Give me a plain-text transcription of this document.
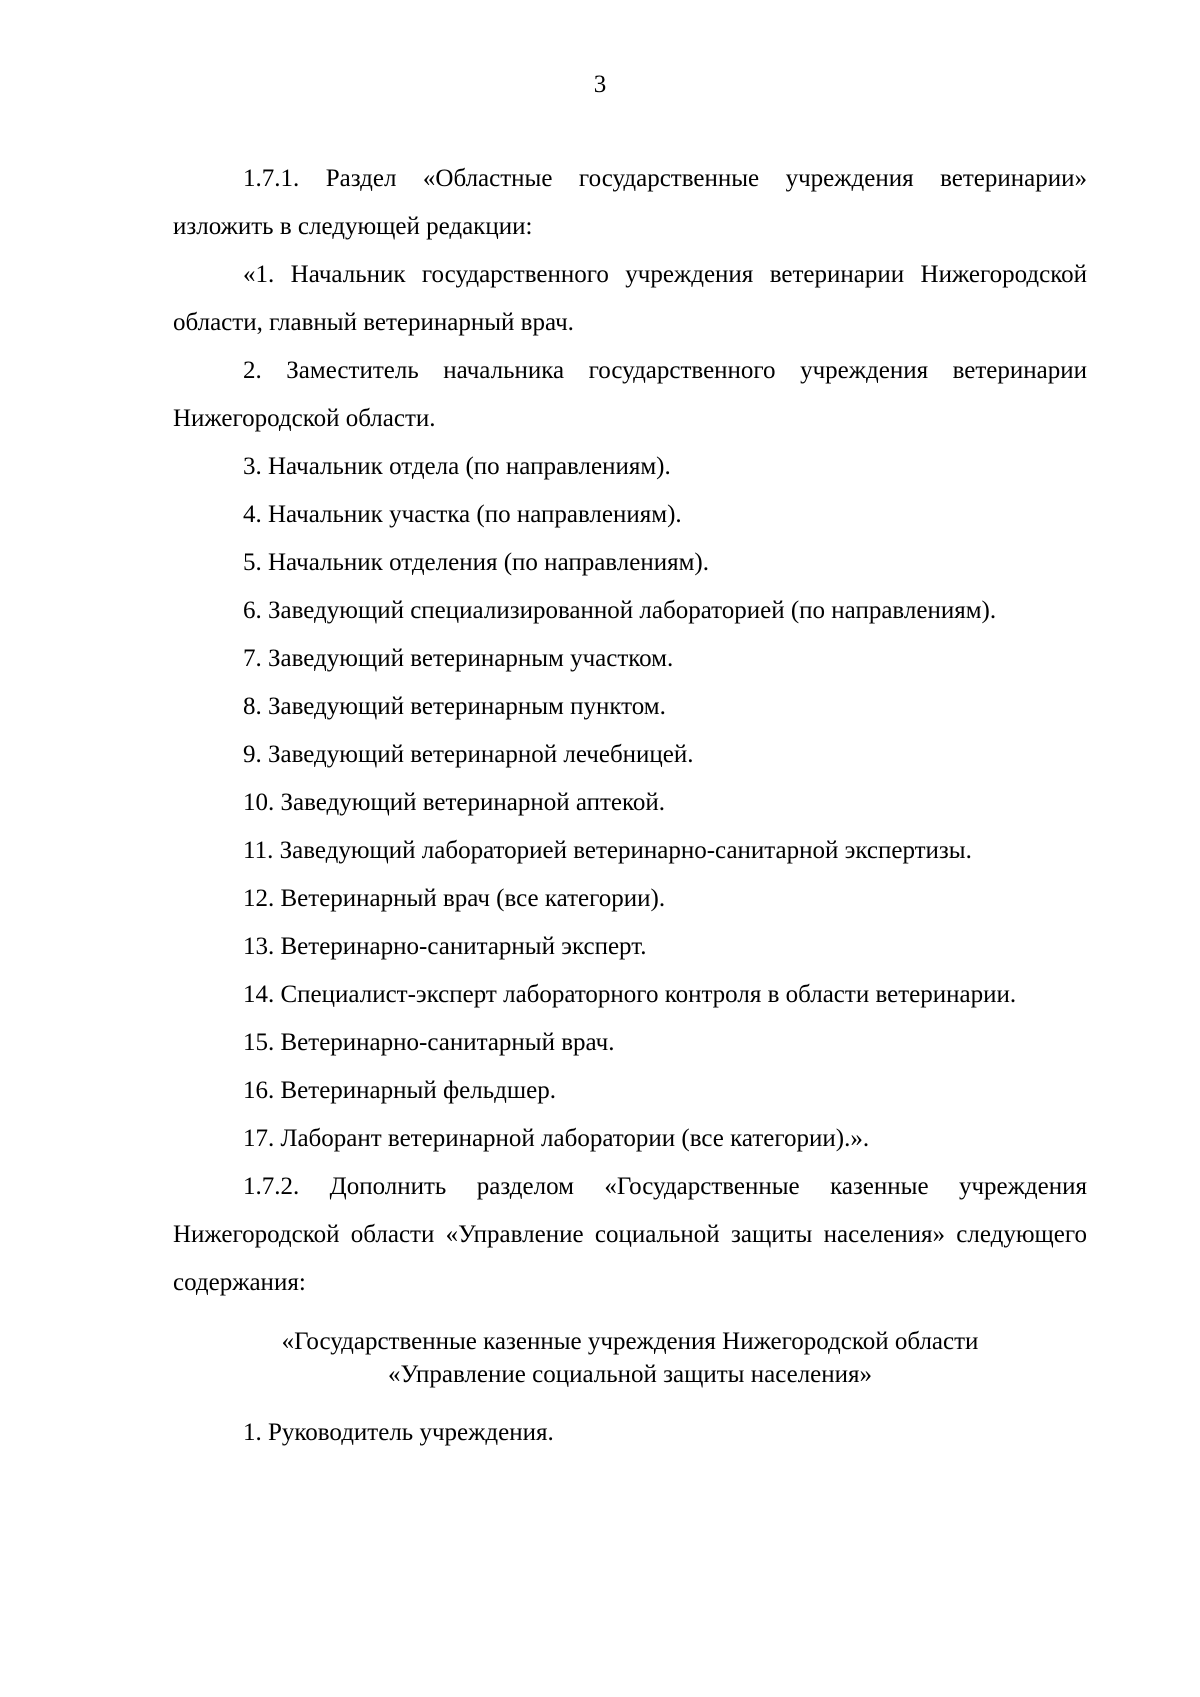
3

1.7.1. Раздел «Областные государственные учреждения ветеринарии» изложить в следующей редакции:

«1. Начальник государственного учреждения ветеринарии Нижегородской области, главный ветеринарный врач.

2. Заместитель начальника государственного учреждения ветеринарии Нижегородской области.

3. Начальник отдела (по направлениям).

4. Начальник участка (по направлениям).

5. Начальник отделения (по направлениям).

6. Заведующий специализированной лабораторией (по направлениям).

7. Заведующий ветеринарным участком.

8. Заведующий ветеринарным пунктом.

9. Заведующий ветеринарной лечебницей.

10. Заведующий ветеринарной аптекой.

11. Заведующий лабораторией ветеринарно-санитарной экспертизы.

12. Ветеринарный врач (все категории).

13. Ветеринарно-санитарный эксперт.

14. Специалист-эксперт лабораторного контроля в области ветеринарии.

15. Ветеринарно-санитарный врач.

16. Ветеринарный фельдшер.

17. Лаборант ветеринарной лаборатории (все категории).».

1.7.2. Дополнить разделом «Государственные казенные учреждения Нижегородской области «Управление социальной защиты населения» следующего содержания:

«Государственные казенные учреждения Нижегородской области
«Управление социальной защиты населения»

1. Руководитель учреждения.
